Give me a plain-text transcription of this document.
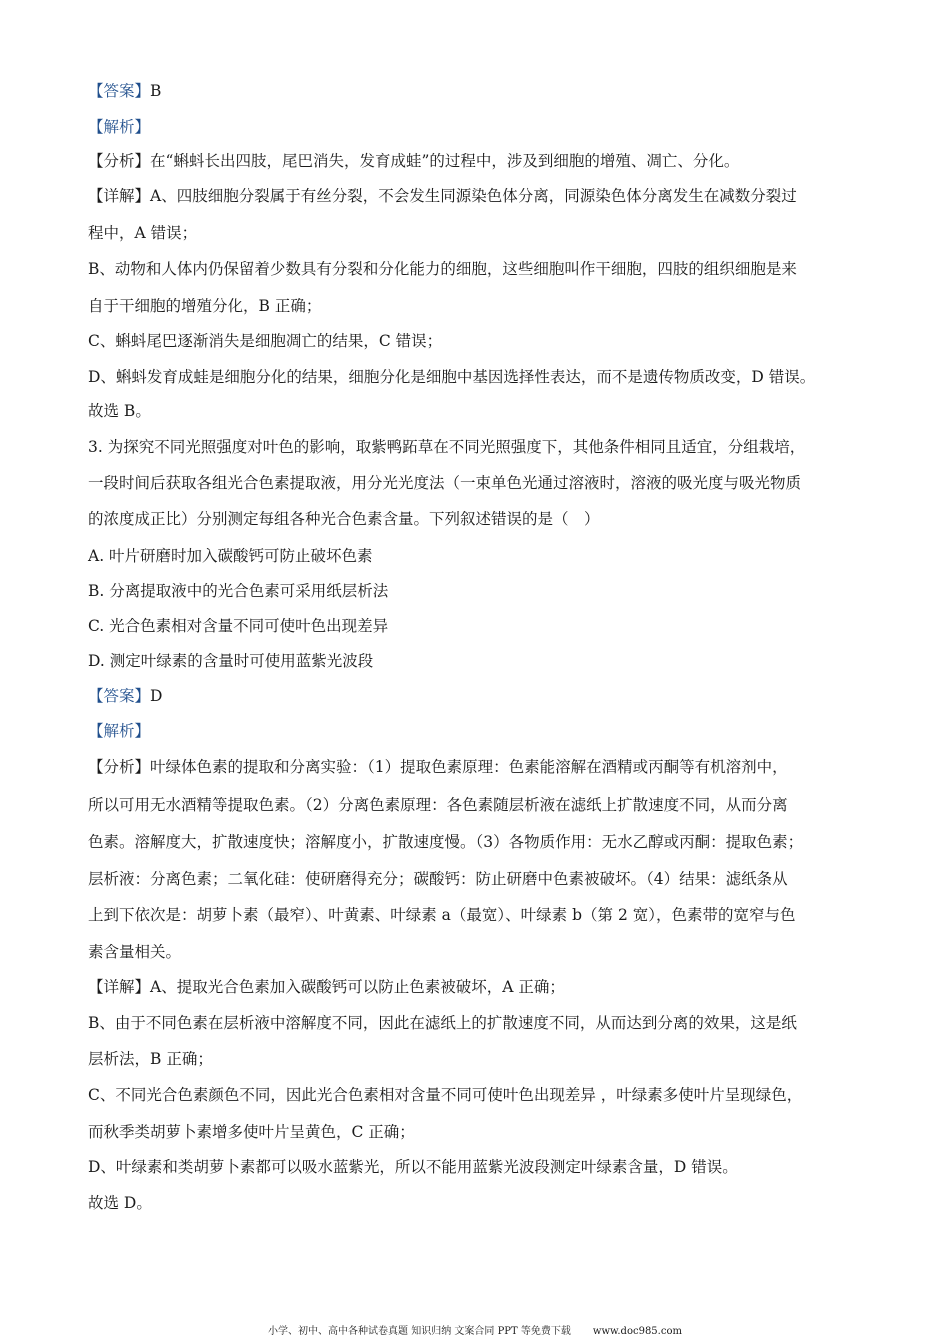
【答案】B
【解析】
【分析】在“蝌蚪长出四肢，尾巴消失，发育成蛙”的过程中，涉及到细胞的增殖、凋亡、分化。
【详解】A、四肢细胞分裂属于有丝分裂，不会发生同源染色体分离，同源染色体分离发生在减数分裂过
程中，A 错误；
B、动物和人体内仍保留着少数具有分裂和分化能力的细胞，这些细胞叫作干细胞，四肢的组织细胞是来
自于干细胞的增殖分化，B 正确；
C、蝌蚪尾巴逐渐消失是细胞凋亡的结果，C 错误；
D、蝌蚪发育成蛙是细胞分化的结果，细胞分化是细胞中基因选择性表达，而不是遗传物质改变，D 错误。
故选 B。
3. 为探究不同光照强度对叶色的影响，取紫鸭跖草在不同光照强度下，其他条件相同且适宜，分组栽培，
一段时间后获取各组光合色素提取液，用分光光度法（一束单色光通过溶液时，溶液的吸光度与吸光物质
的浓度成正比）分别测定每组各种光合色素含量。下列叙述错误的是（　）
A. 叶片研磨时加入碳酸钙可防止破坏色素
B. 分离提取液中的光合色素可采用纸层析法
C. 光合色素相对含量不同可使叶色出现差异
D. 测定叶绿素的含量时可使用蓝紫光波段
【答案】D
【解析】
【分析】叶绿体色素的提取和分离实验：（1）提取色素原理：色素能溶解在酒精或丙酮等有机溶剂中，
所以可用无水酒精等提取色素。（2）分离色素原理：各色素随层析液在滤纸上扩散速度不同，从而分离
色素。溶解度大，扩散速度快；溶解度小，扩散速度慢。（3）各物质作用：无水乙醇或丙酮：提取色素；
层析液：分离色素；二氧化硅：使研磨得充分；碳酸钙：防止研磨中色素被破坏。（4）结果：滤纸条从
上到下依次是：胡萝卜素（最窄）、叶黄素、叶绿素 a（最宽）、叶绿素 b（第 2 宽），色素带的宽窄与色
素含量相关。
【详解】A、提取光合色素加入碳酸钙可以防止色素被破坏，A 正确；
B、由于不同色素在层析液中溶解度不同，因此在滤纸上的扩散速度不同，从而达到分离的效果，这是纸
层析法，B 正确；
C、不同光合色素颜色不同，因此光合色素相对含量不同可使叶色出现差异 ，叶绿素多使叶片呈现绿色，
而秋季类胡萝卜素增多使叶片呈黄色，C 正确；
D、叶绿素和类胡萝卜素都可以吸水蓝紫光，所以不能用蓝紫光波段测定叶绿素含量，D 错误。
故选 D。
小学、初中、高中各种试卷真题 知识归纳 文案合同 PPT 等免费下载 www.doc985.com
